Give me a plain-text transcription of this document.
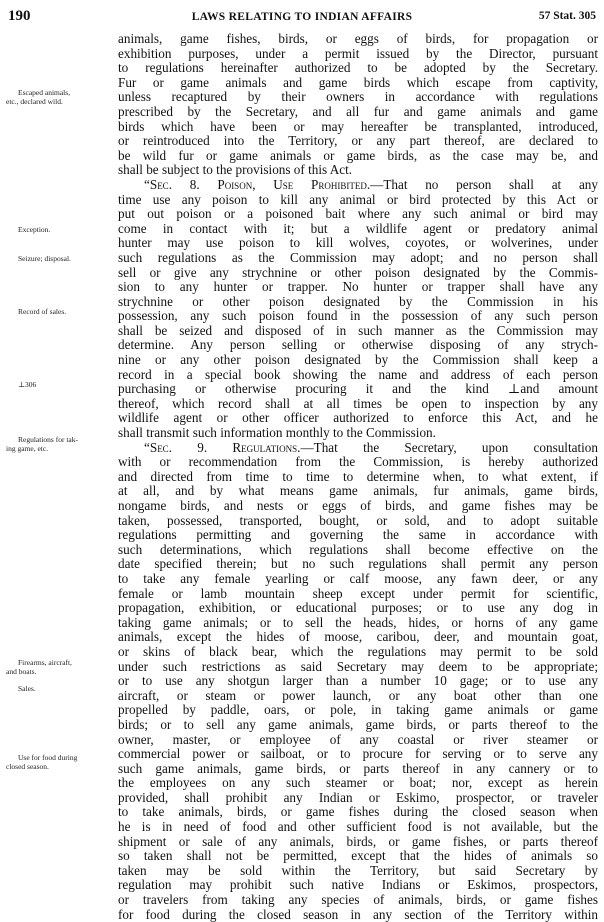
190	LAWS RELATING TO INDIAN AFFAIRS	57 Stat. 305
Escaped animals,
etc., declared wild.
Exception.
Seizure; disposal.
Record of sales.
⊥306
Regulations for tak-
ing game, etc.
Firearms, aircraft,
and boats.
Sales.
Use for food during
closed season.
animals, game fishes, birds, or eggs of birds, for propagation or
exhibition purposes, under a permit issued by the Director, pursuant
to regulations hereinafter authorized to be adopted by the Secretary.
Fur or game animals and game birds which escape from captivity,
unless recaptured by their owners in accordance with regulations
prescribed by the Secretary, and all fur and game animals and game
birds which have been or may hereafter be transplanted, introduced,
or reintroduced into the Territory, or any part thereof, are declared to
be wild fur or game animals or game birds, as the case may be, and
shall be subject to the provisions of this Act.
“Sec. 8. Poison, Use Prohibited.—That no person shall at any
time use any poison to kill any animal or bird protected by this Act or
put out poison or a poisoned bait where any such animal or bird may
come in contact with it; but a wildlife agent or predatory animal
hunter may use poison to kill wolves, coyotes, or wolverines, under
such regulations as the Commission may adopt; and no person shall
sell or give any strychnine or other poison designated by the Commis-
sion to any hunter or trapper. No hunter or trapper shall have any
strychnine or other poison designated by the Commission in his
possession, any such poison found in the possession of any such person
shall be seized and disposed of in such manner as the Commission may
determine. Any person selling or otherwise disposing of any strych-
nine or any other poison designated by the Commission shall keep a
record in a special book showing the name and address of each person
purchasing or otherwise procuring it and the kind ⊥and amount
thereof, which record shall at all times be open to inspection by any
wildlife agent or other officer authorized to enforce this Act, and he
shall transmit such information monthly to the Commission.
“Sec. 9. Regulations.—That the Secretary, upon consultation
with or recommendation from the Commission, is hereby authorized
and directed from time to time to determine when, to what extent, if
at all, and by what means game animals, fur animals, game birds,
nongame birds, and nests or eggs of birds, and game fishes may be
taken, possessed, transported, bought, or sold, and to adopt suitable
regulations permitting and governing the same in accordance with
such determinations, which regulations shall become effective on the
date specified therein; but no such regulations shall permit any person
to take any female yearling or calf moose, any fawn deer, or any
female or lamb mountain sheep except under permit for scientific,
propagation, exhibition, or educational purposes; or to use any dog in
taking game animals; or to sell the heads, hides, or horns of any game
animals, except the hides of moose, caribou, deer, and mountain goat,
or skins of black bear, which the regulations may permit to be sold
under such restrictions as said Secretary may deem to be appropriate;
or to use any shotgun larger than a number 10 gage; or to use any
aircraft, or steam or power launch, or any boat other than one
propelled by paddle, oars, or pole, in taking game animals or game
birds; or to sell any game animals, game birds, or parts thereof to the
owner, master, or employee of any coastal or river steamer or
commercial power or sailboat, or to procure for serving or to serve any
such game animals, game birds, or parts thereof in any cannery or to
the employees on any such steamer or boat; nor, except as herein
provided, shall prohibit any Indian or Eskimo, prospector, or traveler
to take animals, birds, or game fishes during the closed season when
he is in need of food and other sufficient food is not available, but the
shipment or sale of any animals, birds, or game fishes, or parts thereof
so taken shall not be permitted, except that the hides of animals so
taken may be sold within the Territory, but said Secretary by
regulation may prohibit such native Indians or Eskimos, prospectors,
or travelers from taking any species of animals, birds, or game fishes
for food during the closed season in any section of the Territory within
